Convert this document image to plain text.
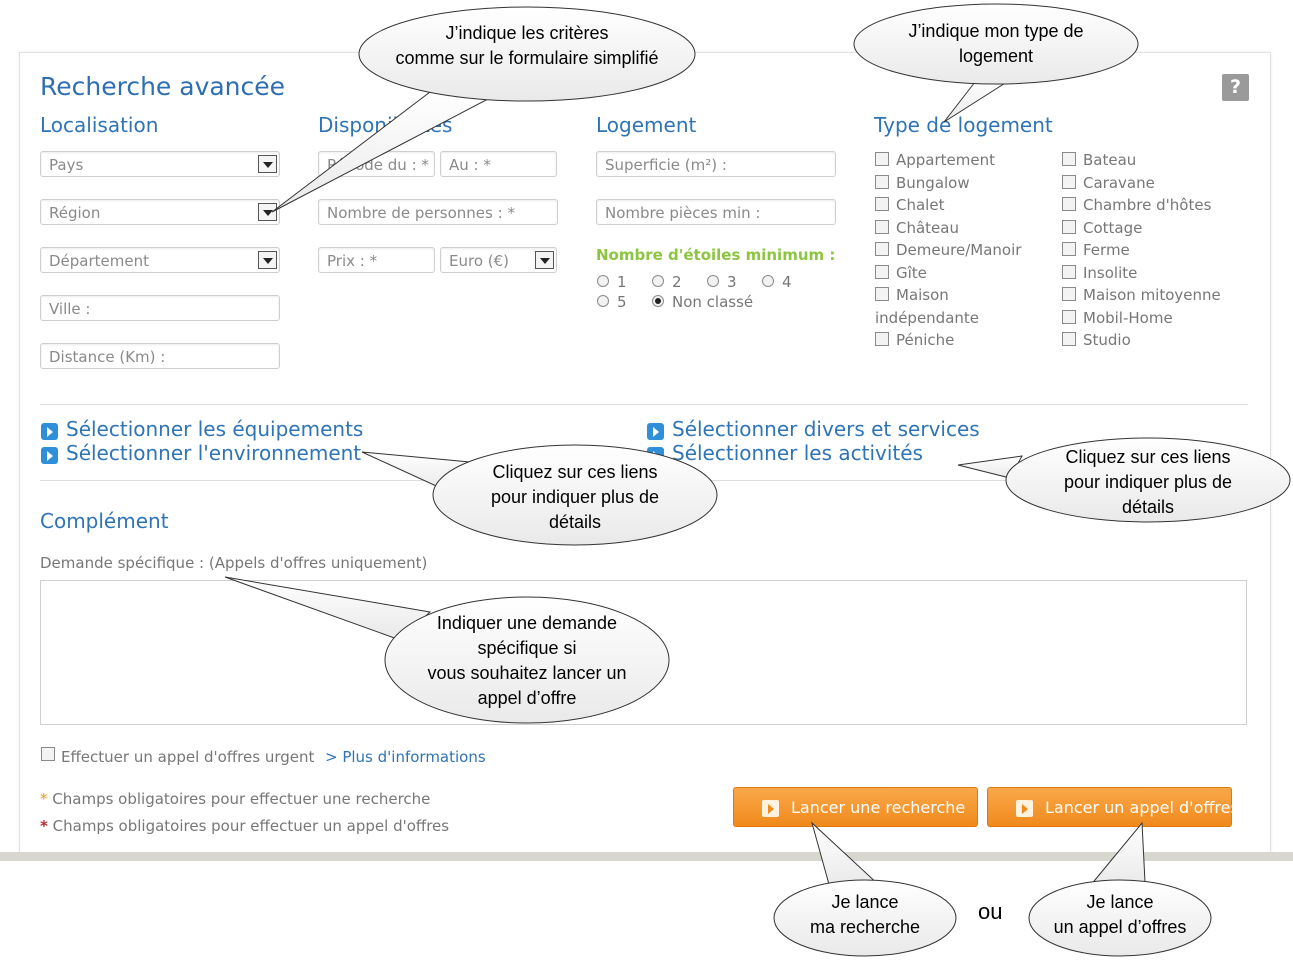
Recherche avancée	?
Localisation	Disponibilités	Logement	Type de logement
Pays
Région
Département
Ville :
Distance (Km) :
Période du : *	Au : *
Nombre de personnes : *
Prix : *	Euro (€)
Superficie (m²) :
Nombre pièces min :
Nombre d'étoiles minimum :
1	2	3	4
5	Non classé
Appartement
Bungalow
Chalet
Château
Demeure/Manoir
Gîte
Maison
indépendante
Péniche
Bateau
Caravane
Chambre d'hôtes
Cottage
Ferme
Insolite
Maison mitoyenne
Mobil-Home
Studio
Sélectionner les équipements
Sélectionner l'environnement
Sélectionner divers et services
Sélectionner les activités
Complément
Demande spécifique : (Appels d'offres uniquement)
Effectuer un appel d'offres urgent > Plus d'informations
* Champs obligatoires pour effectuer une recherche
* Champs obligatoires pour effectuer un appel d'offres
Lancer une recherche	Lancer un appel d'offres
J’indique les critères
comme sur le formulaire simplifié
J’indique mon type de
logement
Cliquez sur ces liens
pour indiquer plus de
détails
Cliquez sur ces liens
pour indiquer plus de
détails
Indiquer une demande
spécifique si
vous souhaitez lancer un
appel d’offre
Je lance
ma recherche
Je lance
un appel d’offres
ou
